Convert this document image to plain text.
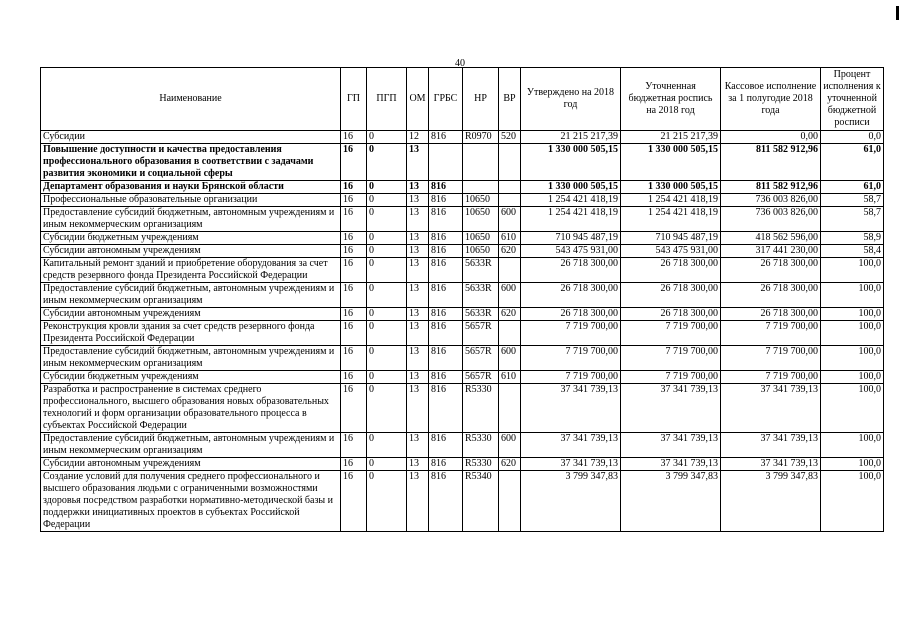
40
Наименование	ГП	ПГП	ОМ	ГРБС	НР	ВР	Утверждено на 2018 год	Уточненная бюджетная роспись на 2018 год	Кассовое исполнение за 1 полугодие 2018 года	Процент исполнения к уточненной бюджетной росписи
Субсидии	16	0	12	816	R0970	520	21 215 217,39	21 215 217,39	0,00	0,0
Повышение доступности и качества предоставления профессионального образования в соответствии с задачами развития экономики и социальной сферы	16	0	13				1 330 000 505,15	1 330 000 505,15	811 582 912,96	61,0
Департамент образования и науки Брянской области	16	0	13	816			1 330 000 505,15	1 330 000 505,15	811 582 912,96	61,0
Профессиональные образовательные организации	16	0	13	816	10650		1 254 421 418,19	1 254 421 418,19	736 003 826,00	58,7
Предоставление субсидий бюджетным, автономным учреждениям и иным некоммерческим организациям	16	0	13	816	10650	600	1 254 421 418,19	1 254 421 418,19	736 003 826,00	58,7
Субсидии бюджетным учреждениям	16	0	13	816	10650	610	710 945 487,19	710 945 487,19	418 562 596,00	58,9
Субсидии автономным учреждениям	16	0	13	816	10650	620	543 475 931,00	543 475 931,00	317 441 230,00	58,4
Капитальный ремонт зданий и приобретение оборудования за счет средств резервного фонда Президента Российской Федерации	16	0	13	816	5633R		26 718 300,00	26 718 300,00	26 718 300,00	100,0
Предоставление субсидий бюджетным, автономным учреждениям и иным некоммерческим организациям	16	0	13	816	5633R	600	26 718 300,00	26 718 300,00	26 718 300,00	100,0
Субсидии автономным учреждениям	16	0	13	816	5633R	620	26 718 300,00	26 718 300,00	26 718 300,00	100,0
Реконструкция кровли здания за счет средств резервного фонда Президента Российской Федерации	16	0	13	816	5657R		7 719 700,00	7 719 700,00	7 719 700,00	100,0
Предоставление субсидий бюджетным, автономным учреждениям и иным некоммерческим организациям	16	0	13	816	5657R	600	7 719 700,00	7 719 700,00	7 719 700,00	100,0
Субсидии бюджетным учреждениям	16	0	13	816	5657R	610	7 719 700,00	7 719 700,00	7 719 700,00	100,0
Разработка и распространение в системах среднего профессионального, высшего образования новых образовательных технологий и форм организации образовательного процесса в субъектах Российской Федерации	16	0	13	816	R5330		37 341 739,13	37 341 739,13	37 341 739,13	100,0
Предоставление субсидий бюджетным, автономным учреждениям и иным некоммерческим организациям	16	0	13	816	R5330	600	37 341 739,13	37 341 739,13	37 341 739,13	100,0
Субсидии автономным учреждениям	16	0	13	816	R5330	620	37 341 739,13	37 341 739,13	37 341 739,13	100,0
Создание условий для получения среднего профессионального и высшего образования людьми с ограниченными возможностями здоровья посредством разработки нормативно-методической базы и поддержки инициативных проектов в субъектах Российской Федерации	16	0	13	816	R5340		3 799 347,83	3 799 347,83	3 799 347,83	100,0
